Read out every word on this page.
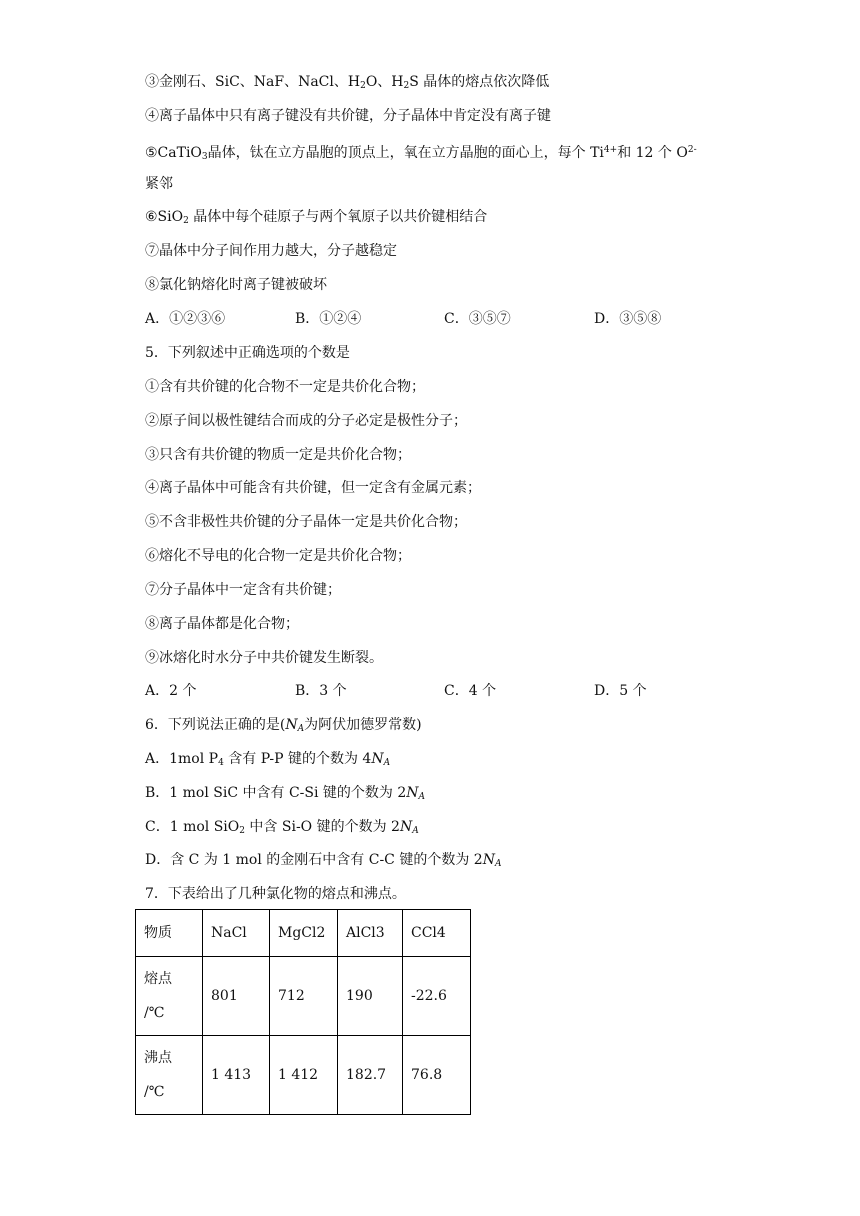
③金刚石、SiC、NaF、NaCl、$H_2O$、$H_2S$ 晶体的熔点依次降低
④离子晶体中只有离子键没有共价键，分子晶体中肯定没有离子键
⑤CaTiO$_3$晶体，钛在立方晶胞的顶点上，氧在立方晶胞的面心上，每个 $Ti^{4+}$和 12 个 $O^{2-}$
紧邻
⑥SiO$_2$ 晶体中每个硅原子与两个氧原子以共价键相结合
⑦晶体中分子间作用力越大，分子越稳定
⑧氯化钠熔化时离子键被破坏
A．①②③⑥	B．①②④	C．③⑤⑦	D．③⑤⑧
5．下列叙述中正确选项的个数是
①含有共价键的化合物不一定是共价化合物；
②原子间以极性键结合而成的分子必定是极性分子；
③只含有共价键的物质一定是共价化合物；
④离子晶体中可能含有共价键，但一定含有金属元素；
⑤不含非极性共价键的分子晶体一定是共价化合物；
⑥熔化不导电的化合物一定是共价化合物；
⑦分子晶体中一定含有共价键；
⑧离子晶体都是化合物；
⑨冰熔化时水分子中共价键发生断裂。
A．2 个	B．3 个	C．4 个	D．5 个
6．下列说法正确的是($N_A$为阿伏加德罗常数)
A．1mol $P_4$ 含有 P-P 键的个数为 $4N_A$
B．1 mol SiC 中含有 C-Si 键的个数为 $2N_A$
C．1 mol SiO$_2$ 中含 Si-O 键的个数为 $2N_A$
D．含 C 为 1 mol 的金刚石中含有 C-C 键的个数为 $2N_A$
7．下表给出了几种氯化物的熔点和沸点。
物质	NaCl	MgCl2	AlCl3	CCl4

熔点
/℃	801	712	190	-22.6

沸点
/℃	1 413	1 412	182.7	76.8
